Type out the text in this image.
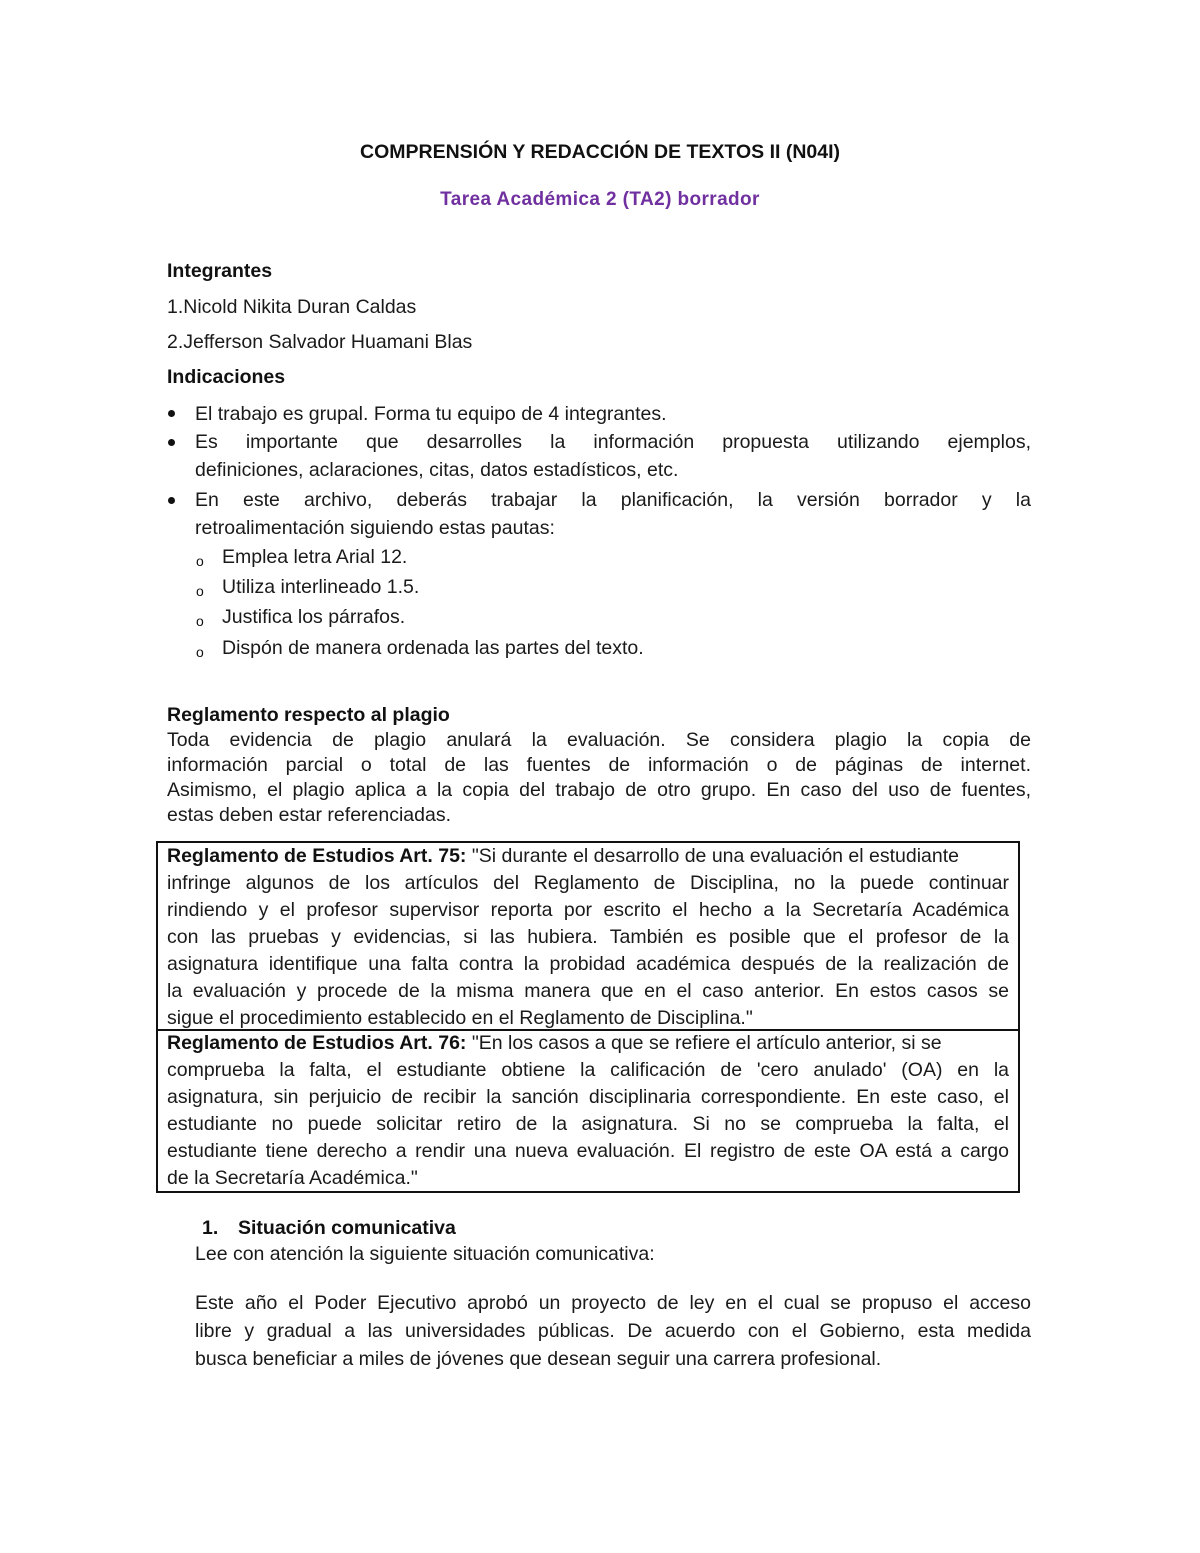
COMPRENSIÓN Y REDACCIÓN DE TEXTOS II (N04I)
Tarea Académica 2 (TA2) borrador
Integrantes
1.Nicold Nikita Duran Caldas
2.Jefferson Salvador Huamani Blas
Indicaciones
El trabajo es grupal. Forma tu equipo de 4 integrantes.
Es importante que desarrolles la información propuesta utilizando ejemplos,
definiciones, aclaraciones, citas, datos estadísticos, etc.
En este archivo, deberás trabajar la planificación, la versión borrador y la
retroalimentación siguiendo estas pautas:
o Emplea letra Arial 12.
o Utiliza interlineado 1.5.
o Justifica los párrafos.
o Dispón de manera ordenada las partes del texto.
Reglamento respecto al plagio
Toda evidencia de plagio anulará la evaluación. Se considera plagio la copia de
información parcial o total de las fuentes de información o de páginas de internet.
Asimismo, el plagio aplica a la copia del trabajo de otro grupo. En caso del uso de fuentes,
estas deben estar referenciadas.
Reglamento de Estudios Art. 75: "Si durante el desarrollo de una evaluación el estudiante
infringe algunos de los artículos del Reglamento de Disciplina, no la puede continuar
rindiendo y el profesor supervisor reporta por escrito el hecho a la Secretaría Académica
con las pruebas y evidencias, si las hubiera. También es posible que el profesor de la
asignatura identifique una falta contra la probidad académica después de la realización de
la evaluación y procede de la misma manera que en el caso anterior. En estos casos se
sigue el procedimiento establecido en el Reglamento de Disciplina."
Reglamento de Estudios Art. 76: "En los casos a que se refiere el artículo anterior, si se
comprueba la falta, el estudiante obtiene la calificación de 'cero anulado' (OA) en la
asignatura, sin perjuicio de recibir la sanción disciplinaria correspondiente. En este caso, el
estudiante no puede solicitar retiro de la asignatura. Si no se comprueba la falta, el
estudiante tiene derecho a rendir una nueva evaluación. El registro de este OA está a cargo
de la Secretaría Académica."
1. Situación comunicativa
Lee con atención la siguiente situación comunicativa:
Este año el Poder Ejecutivo aprobó un proyecto de ley en el cual se propuso el acceso
libre y gradual a las universidades públicas. De acuerdo con el Gobierno, esta medida
busca beneficiar a miles de jóvenes que desean seguir una carrera profesional.
